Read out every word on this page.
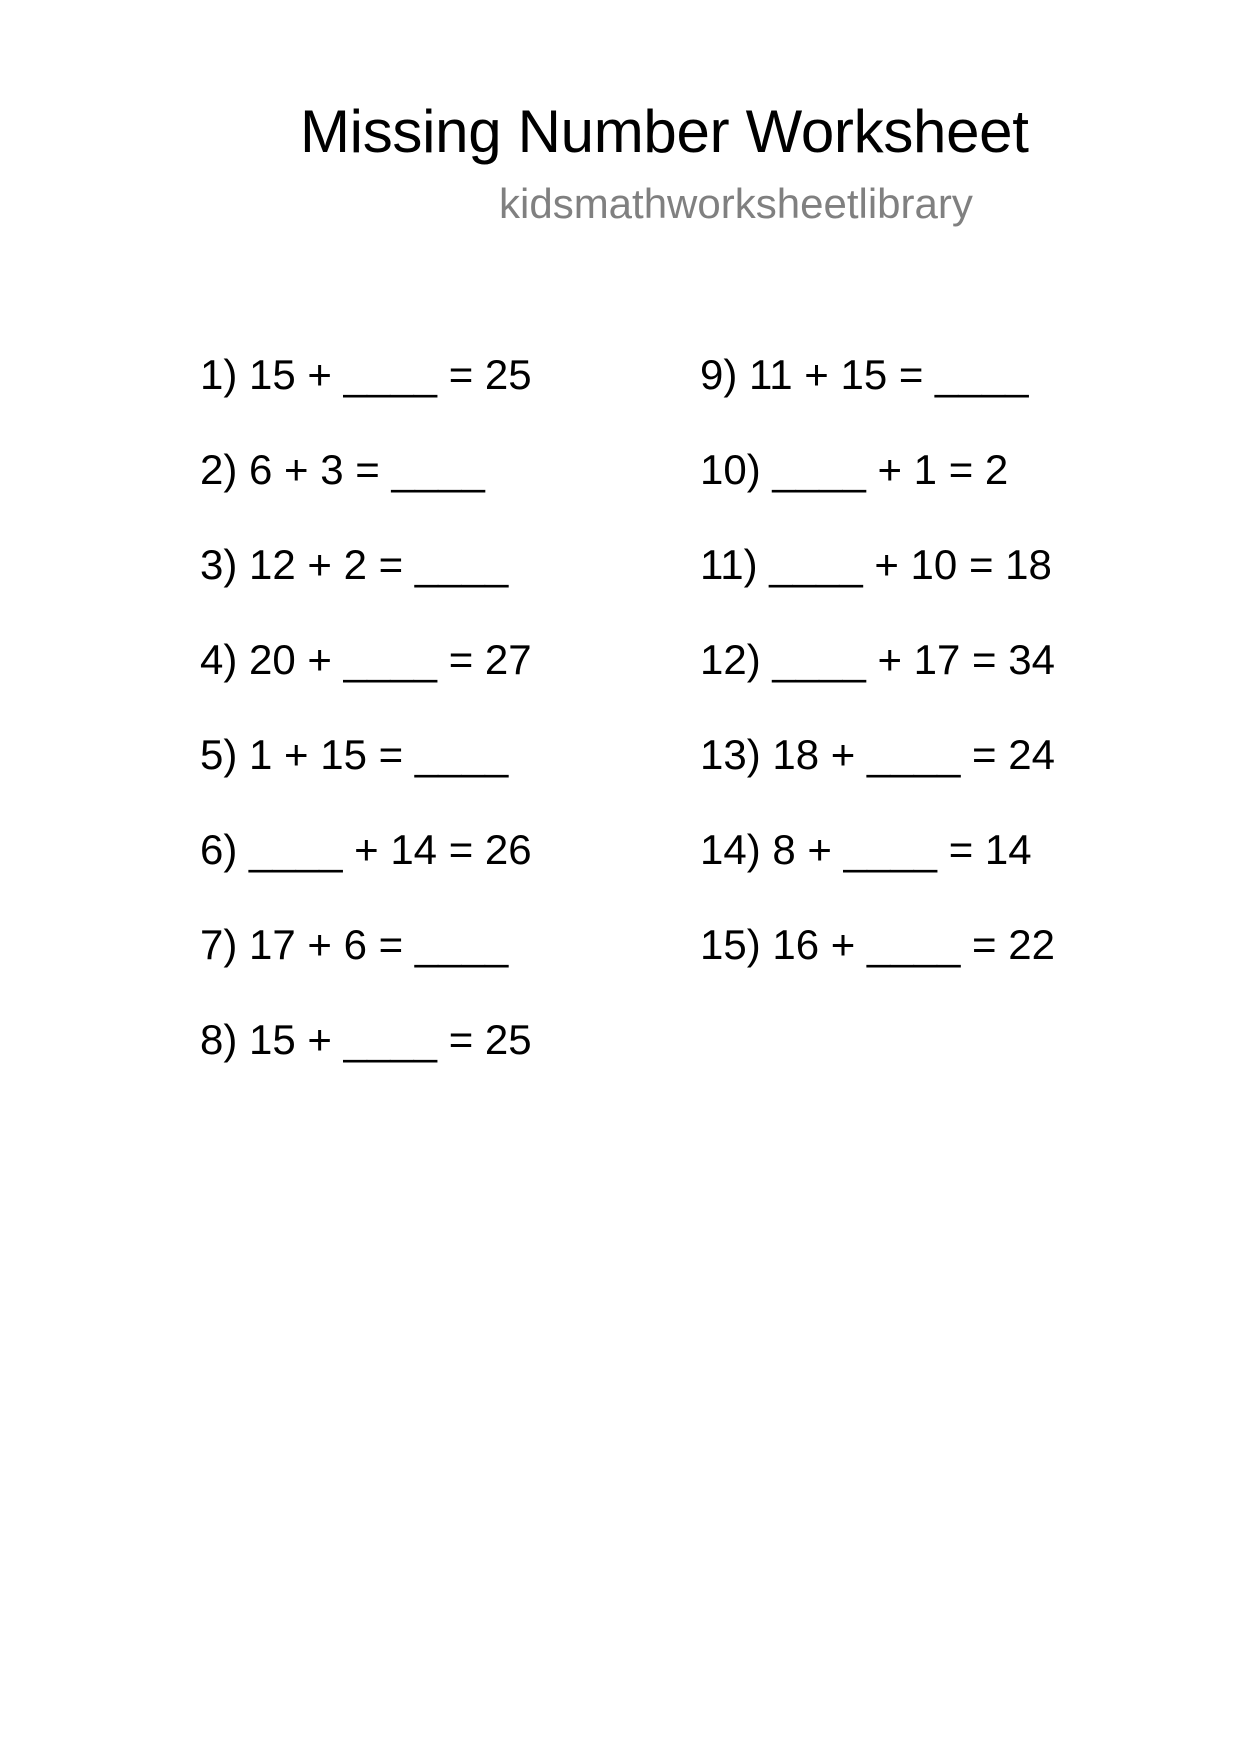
Missing Number Worksheet
kidsmathworksheetlibrary
1) 15 + ____ = 25
2) 6 + 3 = ____
3) 12 + 2 = ____
4) 20 + ____ = 27
5) 1 + 15 = ____
6) ____ + 14 = 26
7) 17 + 6 = ____
8) 15 + ____ = 25
9) 11 + 15 = ____
10) ____ + 1 = 2
11) ____ + 10 = 18
12) ____ + 17 = 34
13) 18 + ____ = 24
14) 8 + ____ = 14
15) 16 + ____ = 22
